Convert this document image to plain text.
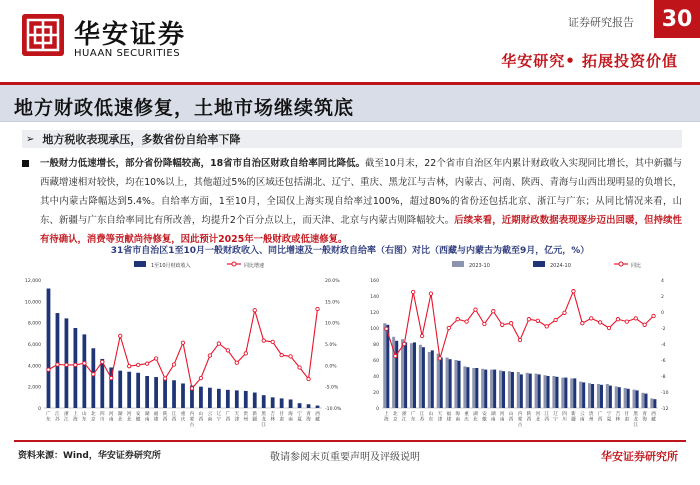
华安证券
HUAAN SECURITIES
证券研究报告	30
华安研究• 拓展投资价值
地方财政低速修复，土地市场继续筑底
➢ 地方税收表现承压，多数省份自给率下降
一般财力低速增长，部分省份降幅较高，18省市自治区财政自给率同比降低。截至10月末，22个省市自治区年内累计财政收入实现同比增长，其中新疆与西藏增速相对较快，均在10%以上，其他超过5%的区域还包括湖北、辽宁、重庆、黑龙江与吉林，内蒙古、河南、陕西、青海与山西出现明显的负增长，其中内蒙古降幅达到5.4%。自给率方面，1至10月，全国仅上海实现自给率过100%，超过80%的省份还包括北京、浙江与广东；从同比情况来看，山东、新疆与广东自给率同比有所改善，均提升2个百分点以上，而天津、北京与内蒙古则降幅较大。后续来看，近期财政数据表现逐步迈出回暖，但持续性有待确认，消费等贡献尚待修复，因此预计2025年一般财政或低速修复。
31省市自治区1至10月一般财政收入、同比增速及一般财政自给率（右图）对比（西藏与内蒙古为截至9月，亿元，%）
1至10月财政收入	同比增速
0
2,000
4,000
6,000
8,000
10,000
12,000
-10.0%
-5.0%
0.0%
5.0%
10.0%
15.0%
20.0%
广
东
江
苏
浙
江
上
海
山
东
北
京
四
川
河
南
湖
北
河
北
安
徽
湖
南
福
建
陕
西
江
西
重
庆
内
蒙
古
山
西
云
南
辽
宁
广
西
天
津
贵
州
新
疆
黑
龙
江
吉
林
甘
肃
海
南
宁
夏
青
海
西
藏
2023-10	2024-10	同比
0
20
40
60
80
100
120
140
160
-12
-10
-8
-6
-4
-2
0
2
4
上
海
北
京
浙
江
广
东
江
苏
山
东
天
津
福
建
海
南
重
庆
湖
北
安
徽
湖
南
河
南
山
西
内
蒙
古
陕
西
河
北
江
西
辽
宁
四
川
新
疆
云
南
贵
州
广
西
宁
夏
吉
林
甘
肃
黑
龙
江
青
海
西
藏
资料来源：Wind，华安证券研究所	敬请参阅末页重要声明及评级说明	华安证券研究所
